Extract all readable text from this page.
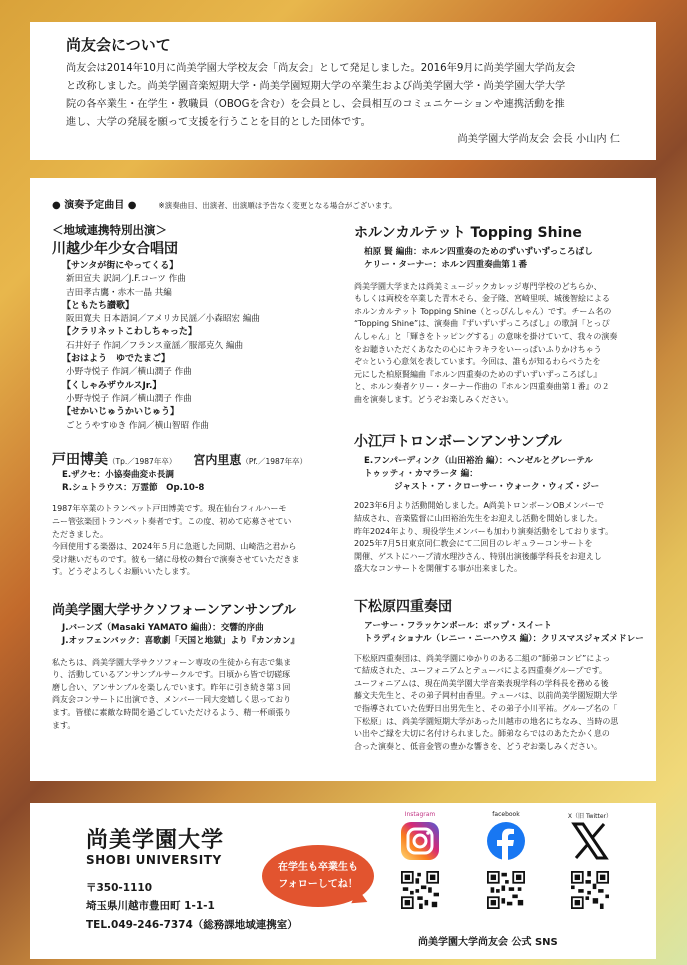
尚友会について
尚友会は2014年10月に尚美学園大学校友会「尚友会」として発足しました。2016年9月に尚美学園大学尚友会
と改称しました。尚美学園音楽短期大学・尚美学園短期大学の卒業生および尚美学園大学・尚美学園大学大学
院の各卒業生・在学生・教職員（OBOGを含む）を会員とし、会員相互のコミュニケーションや連携活動を推
進し、大学の発展を願って支援を行うことを目的とした団体です。
尚美学園大学尚友会 会長 小山内 仁
● 演奏予定曲目 ●	※演奏曲目、出演者、出演順は予告なく変更となる場合がございます。
＜地域連携特別出演＞
川越少年少女合唱団
【サンタが街にやってくる】
新田宣夫 訳詞／J.F.コーツ 作曲
吉田孝古鷹・赤木一晶 共編
【ともたち讃歌】
阪田寛夫 日本語詞／アメリカ民謡／小森昭宏 編曲
【クラリネットこわしちゃった】
石井好子 作詞／フランス童謡／服部克久 編曲
【おはよう　ゆでたまご】
小野寺悦子 作詞／横山潤子 作曲
【くしゃみザウルスJr.】
小野寺悦子 作詞／横山潤子 作曲
【せかいじゅうかいじゅう】
ごとうやすゆき 作詞／横山智昭 作曲
戸田博美（Tp.／1987年卒） 宮内里恵（Pf.／1987年卒）
E.ザクセ：小協奏曲変ホ長調
R.シュトラウス：万霊節　Op.10-8
1987年卒業のトランペット戸田博美です。現在仙台フィルハーモ
ニー管弦楽団トランペット奏者です。この度、初めて応募させてい
ただきました。
今回使用する楽器は、2024年５月に急逝した同期、山崎浩之君から
受け継いだものです。彼も一緒に母校の舞台で演奏させていただきま
す。どうぞよろしくお願いいたします。
尚美学園大学サクソフォーンアンサンブル
J.バーンズ（Masaki YAMATO 編曲）：交響的序曲
J.オッフェンバック：喜歌劇「天国と地獄」より『カンカン』
私たちは、尚美学園大学サクソフォーン専攻の生徒から有志で集ま
り、活動しているアンサンブルサークルです。日頃から皆で切磋琢
磨し合い、アンサンブルを楽しんでいます。昨年に引き続き第３回
尚友会コンサートに出演でき、メンバー一同大変嬉しく思っており
ます。皆様に素敵な時間を過ごしていただけるよう、精一杯頑張り
ます。
ホルンカルテット Topping Shine
柏原 賢 編曲：ホルン四重奏のためのずいずいずっころばし
ケリー・ターナー：ホルン四重奏曲第１番
尚美学園大学または尚美ミュージックカレッジ専門学校のどちらか、
もしくは両校を卒業した青木そら、金子隆、宮崎里咲、城後智絵による
ホルンカルテット Topping Shine（とっぴんしゃん）です。チーム名の
“Topping Shine”は、演奏曲『ずいずいずっころばし』の歌詞「とっぴ
んしゃん」と「輝きをトッピングする」の意味を掛けていて、我々の演奏
をお聴きいただくあなたの心にキラキラをいーっぱいふりかけちゃう
ぞ☆という心意気を表しています。今回は、誰もが知るわらべうたを
元にした柏原賢編曲『ホルン四重奏のためのずいずいずっころばし』
と、ホルン奏者ケリー・ターナー作曲の『ホルン四重奏曲第１番』の２
曲を演奏します。どうぞお楽しみください。
小江戸トロンボーンアンサンブル
E.フンパーディンク（山田裕治 編）：ヘンゼルとグレーテル
トゥッティ・カマラータ 編：
ジャスト・ア・クローサー・ウォーク・ウィズ・ジー
2023年6月より活動開始しました。A尚美トロンボーンOBメンバーで
結成され、音楽監督に山田裕治先生をお迎えし活動を開始しました。
昨年2024年より、現役学生メンバーも加わり演奏活動をしております。
2025年7月5日東京同仁教会にて二回目のレギュラーコンサートを
開催、ゲストにハープ清水理沙さん、特別出演後藤学科長をお迎えし
盛大なコンサートを開催する事が出来ました。
下松原四重奏団
アーサー・フラッケンポール：ポップ・スイート
トラディショナル（レニー・ニーハウス 編）：クリスマスジャズメドレー
下松原四重奏団は、尚美学園にゆかりのある二組の“師弟コンビ”によっ
て結成された、ユーフォニアムとテューバによる四重奏グループです。
ユーフォニアムは、現在尚美学園大学音楽表現学科の学科長を務める後
藤文夫先生と、その弟子岡村由香里。テューバは、以前尚美学園短期大学
で指導されていた佐野日出男先生と、その弟子小川平祐。グループ名の「
下松原」は、尚美学園短期大学があった川越市の地名にちなみ、当時の思
い出やご縁を大切に名付けられました。師弟ならではのあたたかく息の
合った演奏と、低音金管の豊かな響きを、どうぞお楽しみください。
尚美学園大学
SHOBI UNIVERSITY
〒350-1110
埼玉県川越市豊田町 1-1-1
TEL.049-246-7374（総務課地域連携室）
在学生も卒業生も
フォローしてね！
Instagram
	facebook
	X（旧 Twitter）

尚美学園大学尚友会 公式 SNS
